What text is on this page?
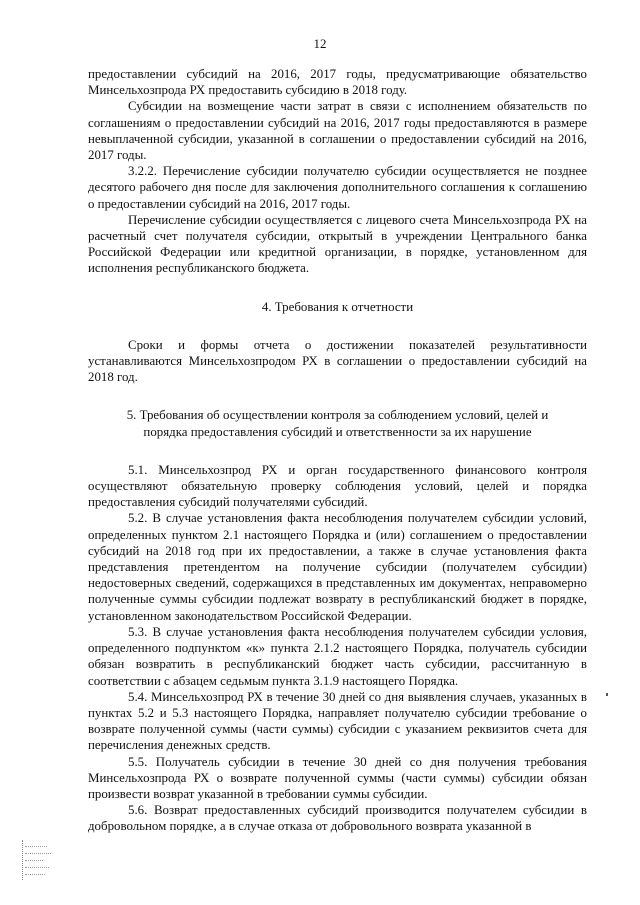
12

предоставлении субсидий на 2016, 2017 годы, предусматривающие обязательство Минсельхозпрода РХ предоставить субсидию в 2018 году.

Субсидии на возмещение части затрат в связи с исполнением обязательств по соглашениям о предоставлении субсидий на 2016, 2017 годы предоставляются в размере невыплаченной субсидии, указанной в соглашении о предоставлении субсидий на 2016, 2017 годы.

3.2.2. Перечисление субсидии получателю субсидии осуществляется не позднее десятого рабочего дня после для заключения дополнительного соглашения к соглашению о предоставлении субсидий на 2016, 2017 годы.

Перечисление субсидии осуществляется с лицевого счета Минсельхозпрода РХ на расчетный счет получателя субсидии, открытый в учреждении Центрального банка Российской Федерации или кредитной организации, в порядке, установленном для исполнения республиканского бюджета.

4. Требования к отчетности

Сроки и формы отчета о достижении показателей результативности устанавливаются Минсельхозпродом РХ в соглашении о предоставлении субсидий на 2018 год.

5. Требования об осуществлении контроля за соблюдением условий, целей и

порядка предоставления субсидий и ответственности за их нарушение

5.1. Минсельхозпрод РХ и орган государственного финансового контроля осуществляют обязательную проверку соблюдения условий, целей и порядка предоставления субсидий получателями субсидий.

5.2. В случае установления факта несоблюдения получателем субсидии условий, определенных пунктом 2.1 настоящего Порядка и (или) соглашением о предоставлении субсидий на 2018 год при их предоставлении, а также в случае установления факта представления претендентом на получение субсидии (получателем субсидии) недостоверных сведений, содержащихся в представленных им документах, неправомерно полученные суммы субсидии подлежат возврату в республиканский бюджет в порядке, установленном законодательством Российской Федерации.

5.3. В случае установления факта несоблюдения получателем субсидии условия, определенного подпунктом «к» пункта 2.1.2 настоящего Порядка, получатель субсидии обязан возвратить в республиканский бюджет часть субсидии, рассчитанную в соответствии с абзацем седьмым пункта 3.1.9 настоящего Порядка.

5.4. Минсельхозпрод РХ в течение 30 дней со дня выявления случаев, указанных в пунктах 5.2 и 5.3 настоящего Порядка, направляет получателю субсидии требование о возврате полученной суммы (части суммы) субсидии с указанием реквизитов счета для перечисления денежных средств.

5.5. Получатель субсидии в течение 30 дней со дня получения требования Минсельхозпрода РХ о возврате полученной суммы (части суммы) субсидии обязан произвести возврат указанной в требовании суммы субсидии.

5.6. Возврат предоставленных субсидий производится получателем субсидии в добровольном порядке, а в случае отказа от добровольного возврата указанной в
